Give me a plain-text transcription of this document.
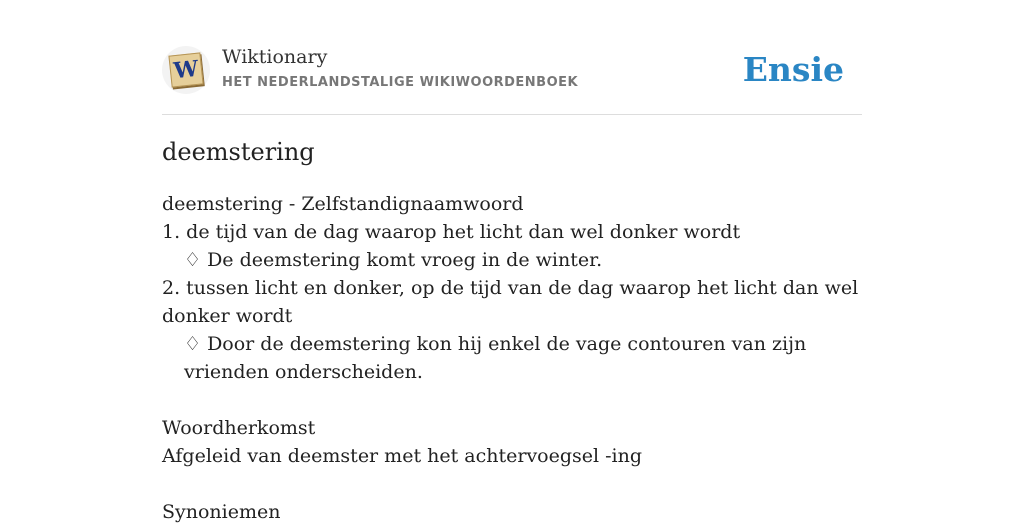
W Wiktionary
HET NEDERLANDSTALIGE WIKIWOORDENBOEK	Ensie
deemstering
deemstering - Zelfstandignaamwoord
1. de tijd van de dag waarop het licht dan wel donker wordt
♢ De deemstering komt vroeg in de winter.
2. tussen licht en donker, op de tijd van de dag waarop het licht dan wel donker wordt
♢ Door de deemstering kon hij enkel de vage contouren van zijn vrienden onderscheiden.
Woordherkomst
Afgeleid van deemster met het achtervoegsel -ing
Synoniemen
